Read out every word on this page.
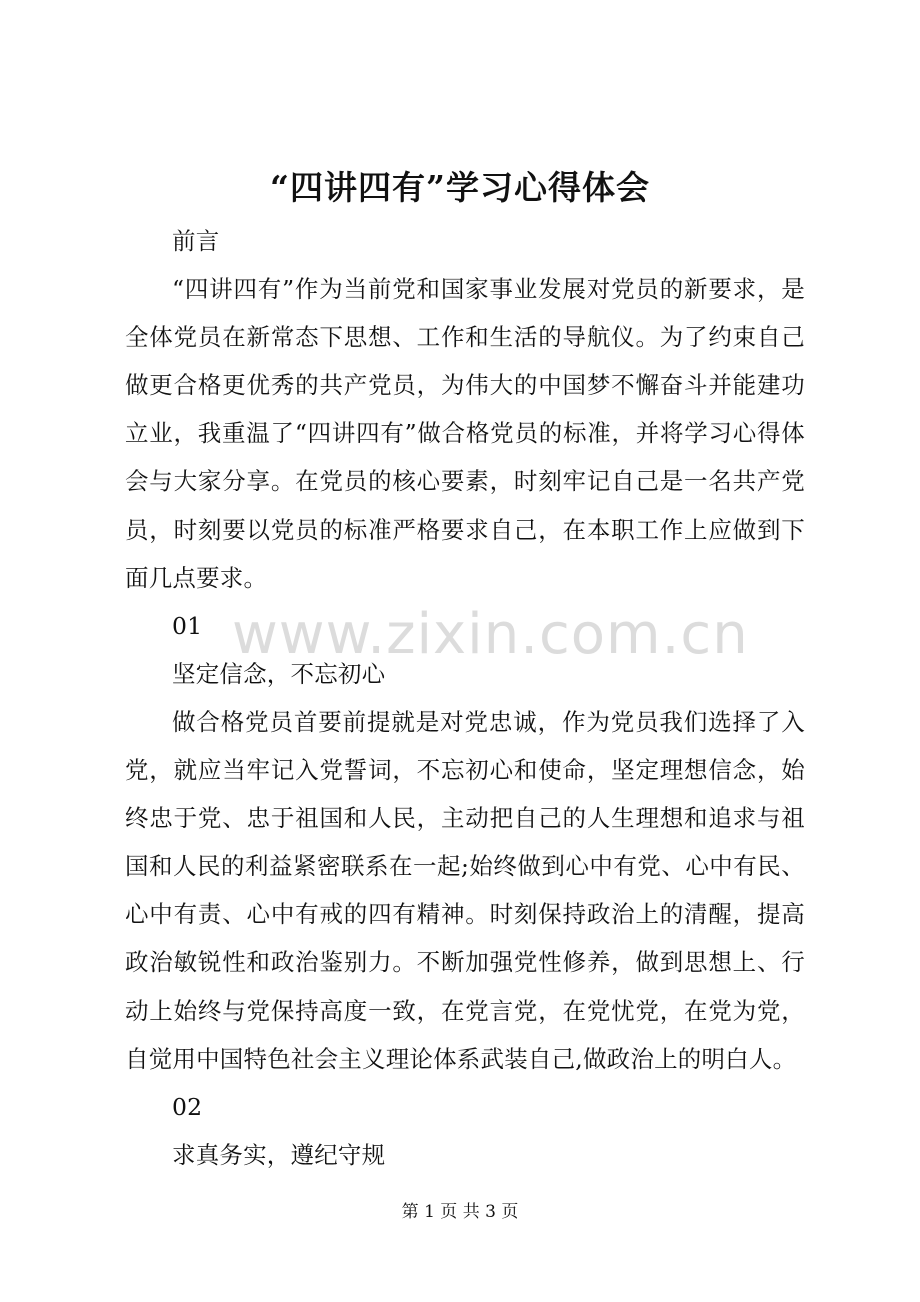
“四讲四有”学习心得体会

前言

“四讲四有”作为当前党和国家事业发展对党员的新要求，是全体党员在新常态下思想、工作和生活的导航仪。为了约束自己做更合格更优秀的共产党员，为伟大的中国梦不懈奋斗并能建功立业，我重温了“四讲四有”做合格党员的标准，并将学习心得体会与大家分享。在党员的核心要素，时刻牢记自己是一名共产党员，时刻要以党员的标准严格要求自己，在本职工作上应做到下面几点要求。

01

坚定信念，不忘初心

做合格党员首要前提就是对党忠诚，作为党员我们选择了入党，就应当牢记入党誓词，不忘初心和使命，坚定理想信念，始终忠于党、忠于祖国和人民，主动把自己的人生理想和追求与祖国和人民的利益紧密联系在一起;始终做到心中有党、心中有民、心中有责、心中有戒的四有精神。时刻保持政治上的清醒，提高政治敏锐性和政治鉴别力。不断加强党性修养，做到思想上、行动上始终与党保持高度一致，在党言党，在党忧党，在党为党，自觉用中国特色社会主义理论体系武装自己,做政治上的明白人。

02

求真务实，遵纪守规

www.zixin.com.cn
第 1 页 共 3 页
